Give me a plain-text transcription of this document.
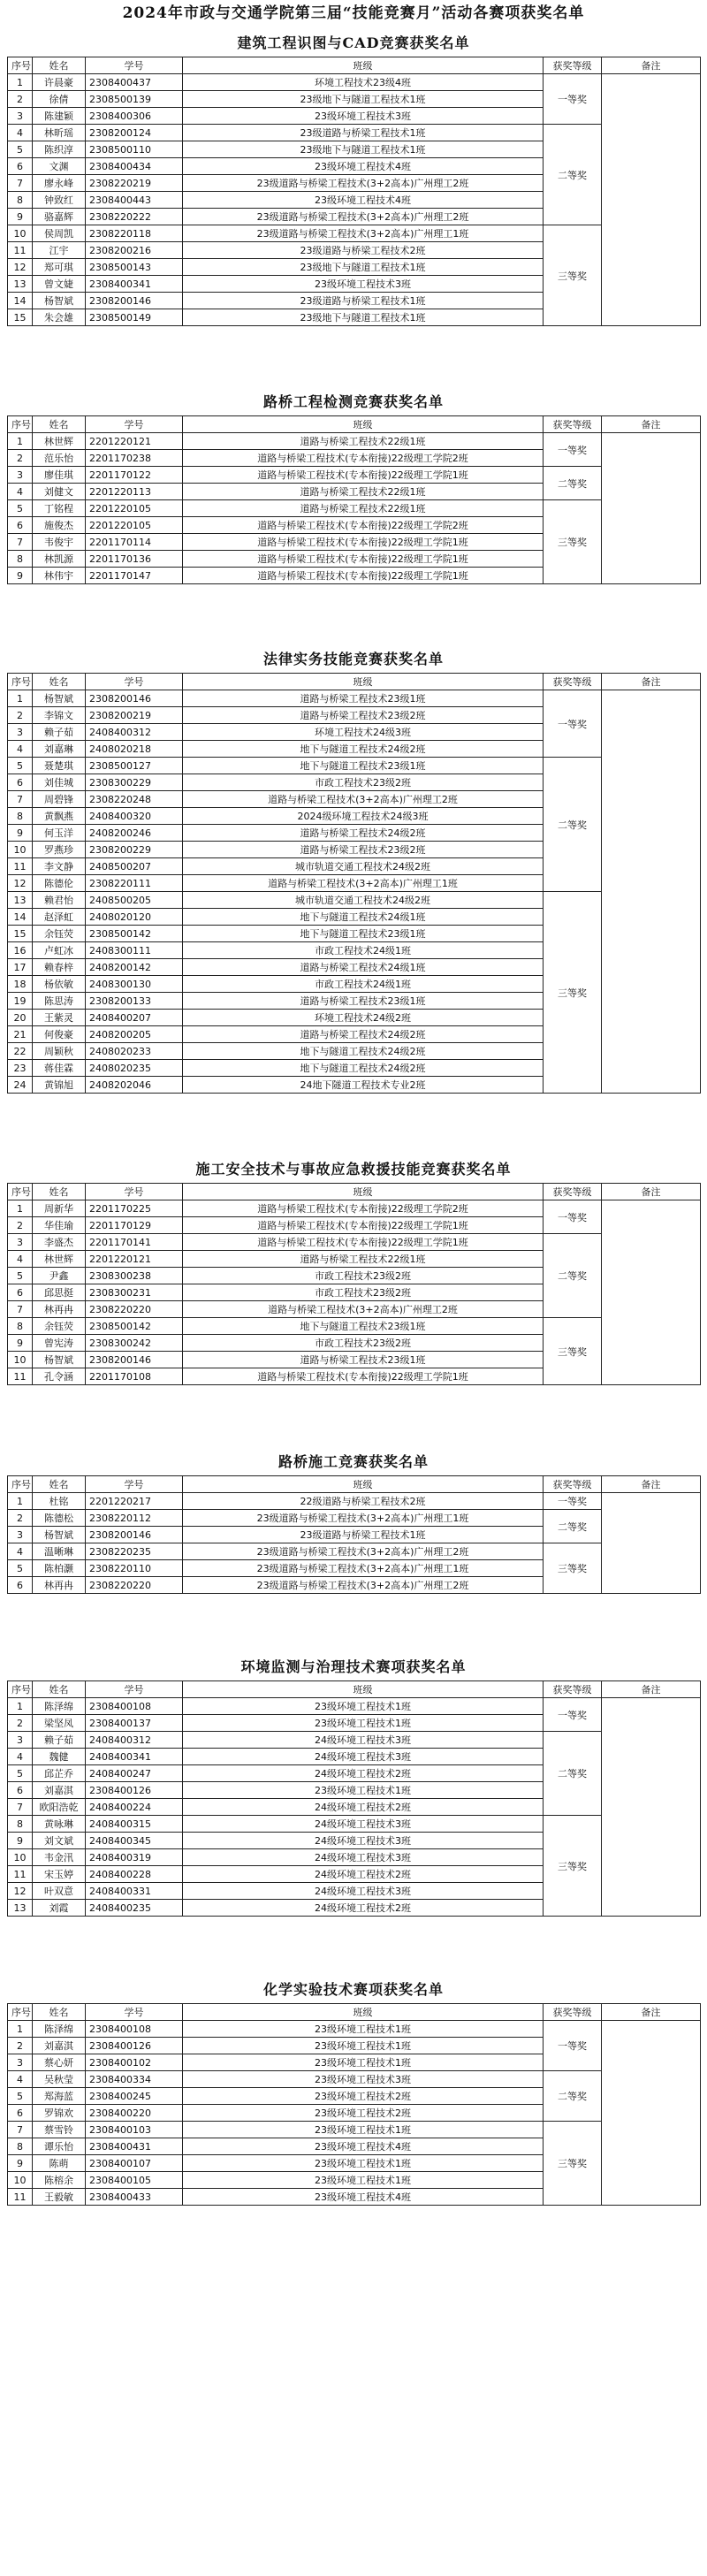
2024年市政与交通学院第三届“技能竞赛月”活动各赛项获奖名单
建筑工程识图与CAD竞赛获奖名单
序号	姓名	学号	班级	获奖等级	备注
1	许晨豪	2308400437	环境工程技术23级4班	一等奖	
2	徐倩	2308500139	23级地下与隧道工程技术1班		
3	陈建颖	2308400306	23级环境工程技术3班		
4	林昕瑶	2308200124	23级道路与桥梁工程技术1班	二等奖	
5	陈织淳	2308500110	23级地下与隧道工程技术1班		
6	文渊	2308400434	23级环境工程技术4班		
7	廖永峰	2308220219	23级道路与桥梁工程技术(3+2高本)广州理工2班		
8	钟致红	2308400443	23级环境工程技术4班		
9	骆嘉辉	2308220222	23级道路与桥梁工程技术(3+2高本)广州理工2班		
10	侯周凯	2308220118	23级道路与桥梁工程技术(3+2高本)广州理工1班	三等奖	
11	江宇	2308200216	23级道路与桥梁工程技术2班		
12	郑可琪	2308500143	23级地下与隧道工程技术1班		
13	曾文婕	2308400341	23级环境工程技术3班		
14	杨智斌	2308200146	23级道路与桥梁工程技术1班		
15	朱会雄	2308500149	23级地下与隧道工程技术1班		
路桥工程检测竞赛获奖名单
序号	姓名	学号	班级	获奖等级	备注
1	林世辉	2201220121	道路与桥梁工程技术22级1班	一等奖	
2	范乐怡	2201170238	道路与桥梁工程技术(专本衔接)22级理工学院2班		
3	廖佳琪	2201170122	道路与桥梁工程技术(专本衔接)22级理工学院1班	二等奖	
4	刘健文	2201220113	道路与桥梁工程技术22级1班		
5	丁铭程	2201220105	道路与桥梁工程技术22级1班	三等奖	
6	施俊杰	2201220105	道路与桥梁工程技术(专本衔接)22级理工学院2班		
7	韦俊宇	2201170114	道路与桥梁工程技术(专本衔接)22级理工学院1班		
8	林凯源	2201170136	道路与桥梁工程技术(专本衔接)22级理工学院1班		
9	林伟宇	2201170147	道路与桥梁工程技术(专本衔接)22级理工学院1班		
法律实务技能竞赛获奖名单
序号	姓名	学号	班级	获奖等级	备注
1	杨智斌	2308200146	道路与桥梁工程技术23级1班	一等奖	
2	李锦文	2308200219	道路与桥梁工程技术23级2班		
3	赖子茹	2408400312	环境工程技术24级3班		
4	刘嘉琳	2408020218	地下与隧道工程技术24级2班		
5	聂楚琪	2308500127	地下与隧道工程技术23级1班	二等奖	
6	刘佳城	2308300229	市政工程技术23级2班		
7	周碧锋	2308220248	道路与桥梁工程技术(3+2高本)广州理工2班		
8	黄飘燕	2408400320	2024级环境工程技术24级3班		
9	何玉洋	2408200246	道路与桥梁工程技术24级2班		
10	罗燕珍	2308200229	道路与桥梁工程技术23级2班		
11	李文静	2408500207	城市轨道交通工程技术24级2班		
12	陈德伦	2308220111	道路与桥梁工程技术(3+2高本)广州理工1班		
13	赖君怡	2408500205	城市轨道交通工程技术24级2班	三等奖	
14	赵泽虹	2408020120	地下与隧道工程技术24级1班		
15	余钰荧	2308500142	地下与隧道工程技术23级1班		
16	卢虹冰	2408300111	市政工程技术24级1班		
17	赖春梓	2408200142	道路与桥梁工程技术24级1班		
18	杨依敏	2408300130	市政工程技术24级1班		
19	陈思涛	2308200133	道路与桥梁工程技术23级1班		
20	王紫灵	2408400207	环境工程技术24级2班		
21	何俊豪	2408200205	道路与桥梁工程技术24级2班		
22	周颖秋	2408020233	地下与隧道工程技术24级2班		
23	蒋佳霖	2408020235	地下与隧道工程技术24级2班		
24	黄锦旭	2408202046	24地下隧道工程技术专业2班		
施工安全技术与事故应急救援技能竞赛获奖名单
序号	姓名	学号	班级	获奖等级	备注
1	周新华	2201170225	道路与桥梁工程技术(专本衔接)22级理工学院2班	一等奖	
2	华佳瑜	2201170129	道路与桥梁工程技术(专本衔接)22级理工学院1班		
3	李盛杰	2201170141	道路与桥梁工程技术(专本衔接)22级理工学院1班	二等奖	
4	林世辉	2201220121	道路与桥梁工程技术22级1班		
5	尹鑫	2308300238	市政工程技术23级2班		
6	邱思挺	2308300231	市政工程技术23级2班		
7	林再冉	2308220220	道路与桥梁工程技术(3+2高本)广州理工2班		
8	余钰荧	2308500142	地下与隧道工程技术23级1班	三等奖	
9	曾宪涛	2308300242	市政工程技术23级2班		
10	杨智斌	2308200146	道路与桥梁工程技术23级1班		
11	孔令涵	2201170108	道路与桥梁工程技术(专本衔接)22级理工学院1班		
路桥施工竞赛获奖名单
序号	姓名	学号	班级	获奖等级	备注
1	杜铭	2201220217	22级道路与桥梁工程技术2班	一等奖	
2	陈德松	2308220112	23级道路与桥梁工程技术(3+2高本)广州理工1班	二等奖	
3	杨智斌	2308200146	23级道路与桥梁工程技术1班		
4	温晰琳	2308220235	23级道路与桥梁工程技术(3+2高本)广州理工2班	三等奖	
5	陈柏灏	2308220110	23级道路与桥梁工程技术(3+2高本)广州理工1班		
6	林再冉	2308220220	23级道路与桥梁工程技术(3+2高本)广州理工2班		
环境监测与治理技术赛项获奖名单
序号	姓名	学号	班级	获奖等级	备注
1	陈泽绵	2308400108	23级环境工程技术1班	一等奖	
2	梁坚凤	2308400137	23级环境工程技术1班		
3	赖子茹	2408400312	24级环境工程技术3班	二等奖	
4	魏健	2408400341	24级环境工程技术3班		
5	邱芷乔	2408400247	24级环境工程技术2班		
6	刘嘉淇	2308400126	23级环境工程技术1班		
7	欧阳浩乾	2408400224	24级环境工程技术2班		
8	黄咏琳	2408400315	24级环境工程技术3班	三等奖	
9	刘文斌	2408400345	24级环境工程技术3班		
10	韦金汛	2408400319	24级环境工程技术3班		
11	宋玉婷	2408400228	24级环境工程技术2班		
12	叶双意	2408400331	24级环境工程技术3班		
13	刘霞	2408400235	24级环境工程技术2班		
化学实验技术赛项获奖名单
序号	姓名	学号	班级	获奖等级	备注
1	陈泽绵	2308400108	23级环境工程技术1班	一等奖	
2	刘嘉淇	2308400126	23级环境工程技术1班		
3	蔡心妍	2308400102	23级环境工程技术1班		
4	吴秋莹	2308400334	23级环境工程技术3班	二等奖	
5	郑海蓝	2308400245	23级环境工程技术2班		
6	罗锦欢	2308400220	23级环境工程技术2班		
7	蔡雪铃	2308400103	23级环境工程技术1班	三等奖	
8	谭乐怡	2308400431	23级环境工程技术4班		
9	陈萌	2308400107	23级环境工程技术1班		
10	陈榕余	2308400105	23级环境工程技术1班		
11	王毅敏	2308400433	23级环境工程技术4班		
